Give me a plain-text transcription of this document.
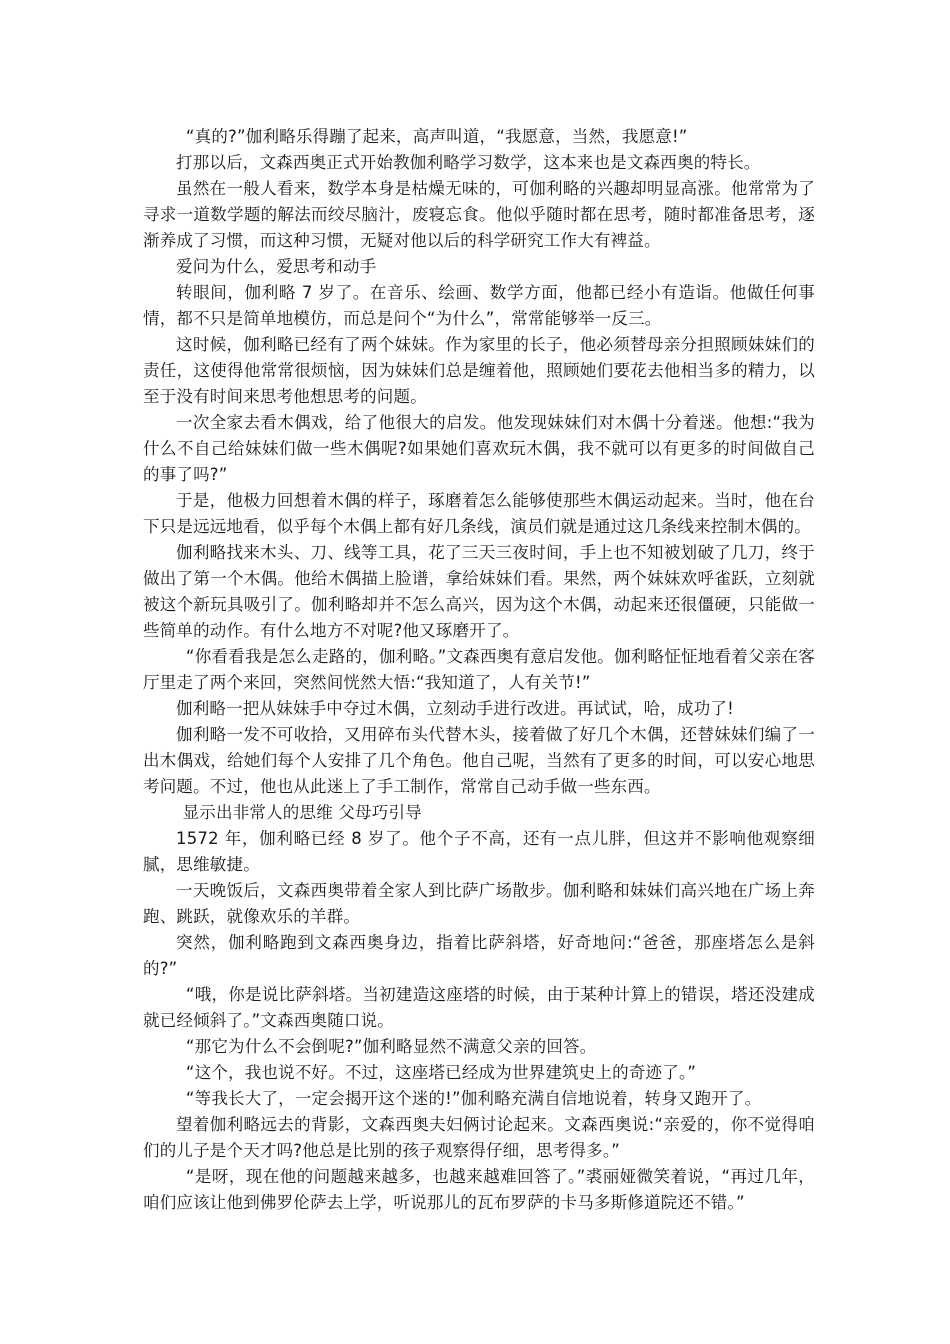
“真的?”伽利略乐得蹦了起来，高声叫道，“我愿意，当然，我愿意!”

打那以后，文森西奥正式开始教伽利略学习数学，这本来也是文森西奥的特长。

虽然在一般人看来，数学本身是枯燥无味的，可伽利略的兴趣却明显高涨。他常常为了寻求一道数学题的解法而绞尽脑汁，废寝忘食。他似乎随时都在思考，随时都准备思考，逐渐养成了习惯，而这种习惯，无疑对他以后的科学研究工作大有裨益。

爱问为什么，爱思考和动手

转眼间，伽利略 7 岁了。在音乐、绘画、数学方面，他都已经小有造诣。他做任何事情，都不只是简单地模仿，而总是问个“为什么”，常常能够举一反三。

这时候，伽利略已经有了两个妹妹。作为家里的长子，他必须替母亲分担照顾妹妹们的责任，这使得他常常很烦恼，因为妹妹们总是缠着他，照顾她们要花去他相当多的精力，以至于没有时间来思考他想思考的问题。

一次全家去看木偶戏，给了他很大的启发。他发现妹妹们对木偶十分着迷。他想:“我为什么不自己给妹妹们做一些木偶呢?如果她们喜欢玩木偶，我不就可以有更多的时间做自己的事了吗?”

于是，他极力回想着木偶的样子，琢磨着怎么能够使那些木偶运动起来。当时，他在台下只是远远地看，似乎每个木偶上都有好几条线，演员们就是通过这几条线来控制木偶的。

伽利略找来木头、刀、线等工具，花了三天三夜时间，手上也不知被划破了几刀，终于做出了第一个木偶。他给木偶描上脸谱，拿给妹妹们看。果然，两个妹妹欢呼雀跃，立刻就被这个新玩具吸引了。伽利略却并不怎么高兴，因为这个木偶，动起来还很僵硬，只能做一些简单的动作。有什么地方不对呢?他又琢磨开了。

“你看看我是怎么走路的，伽利略。”文森西奥有意启发他。伽利略怔怔地看着父亲在客厅里走了两个来回，突然间恍然大悟:“我知道了，人有关节!”

伽利略一把从妹妹手中夺过木偶，立刻动手进行改进。再试试，哈，成功了!

伽利略一发不可收拾，又用碎布头代替木头，接着做了好几个木偶，还替妹妹们编了一出木偶戏，给她们每个人安排了几个角色。他自己呢，当然有了更多的时间，可以安心地思考问题。不过，他也从此迷上了手工制作，常常自己动手做一些东西。

显示出非常人的思维 父母巧引导

1572 年，伽利略已经 8 岁了。他个子不高，还有一点儿胖，但这并不影响他观察细腻，思维敏捷。

一天晚饭后，文森西奥带着全家人到比萨广场散步。伽利略和妹妹们高兴地在广场上奔跑、跳跃，就像欢乐的羊群。

突然，伽利略跑到文森西奥身边，指着比萨斜塔，好奇地问:“爸爸，那座塔怎么是斜的?”

“哦，你是说比萨斜塔。当初建造这座塔的时候，由于某种计算上的错误，塔还没建成就已经倾斜了。”文森西奥随口说。

“那它为什么不会倒呢?”伽利略显然不满意父亲的回答。

“这个，我也说不好。不过，这座塔已经成为世界建筑史上的奇迹了。”

“等我长大了，一定会揭开这个迷的!”伽利略充满自信地说着，转身又跑开了。

望着伽利略远去的背影，文森西奥夫妇俩讨论起来。文森西奥说:“亲爱的，你不觉得咱们的儿子是个天才吗?他总是比别的孩子观察得仔细，思考得多。”

“是呀，现在他的问题越来越多，也越来越难回答了。”裘丽娅微笑着说，“再过几年，咱们应该让他到佛罗伦萨去上学，听说那儿的瓦布罗萨的卡马多斯修道院还不错。”
